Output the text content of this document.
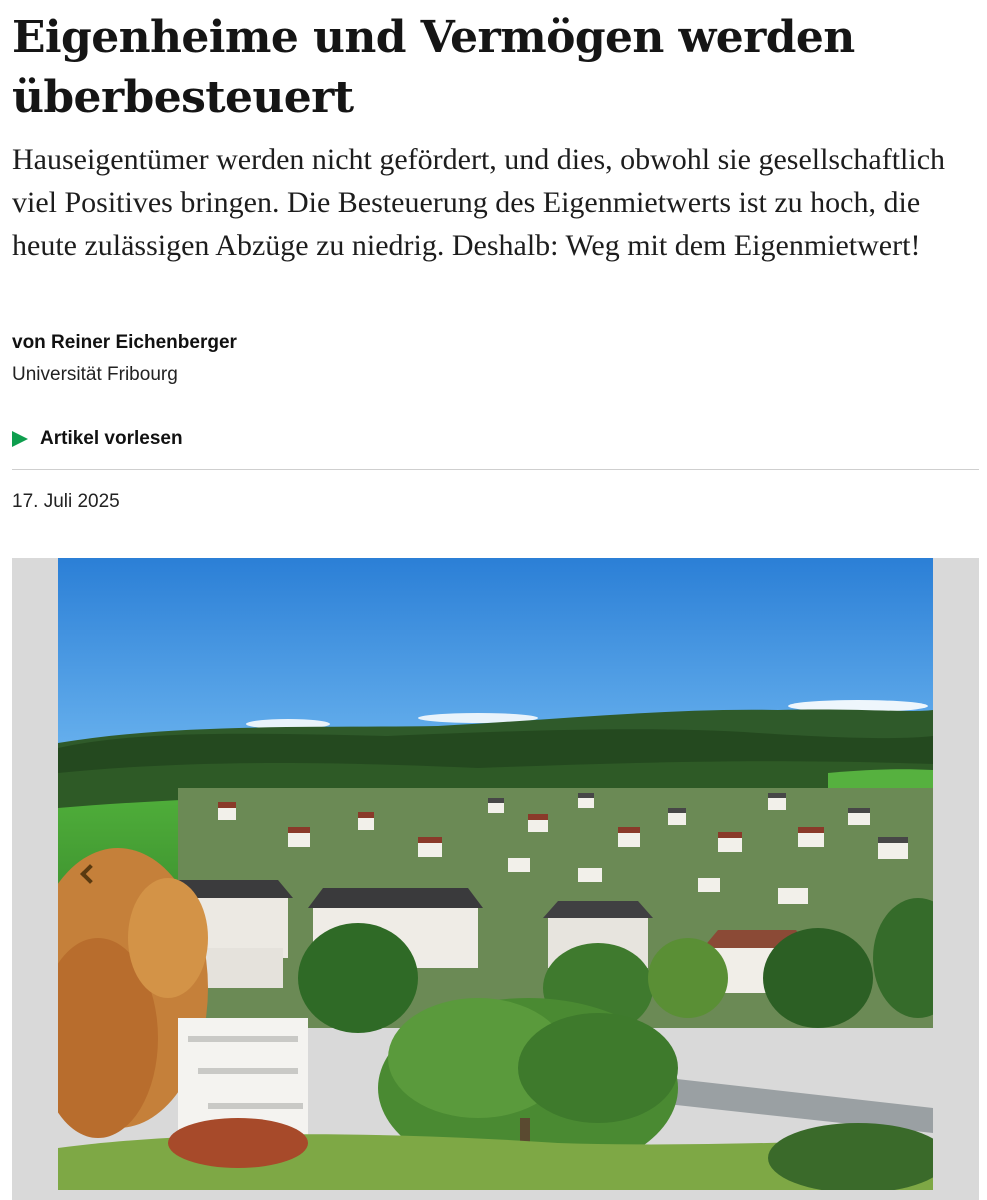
Eigenheime und Vermögen werden überbesteuert

Hauseigentümer werden nicht gefördert, und dies, obwohl sie gesellschaftlich viel Positives bringen. Die Besteuerung des Eigenmietwerts ist zu hoch, die heute zulässigen Abzüge zu niedrig. Deshalb: Weg mit dem Eigenmietwert!

von Reiner Eichenberger
Universität Fribourg
Artikel vorlesen
17. Juli 2025
